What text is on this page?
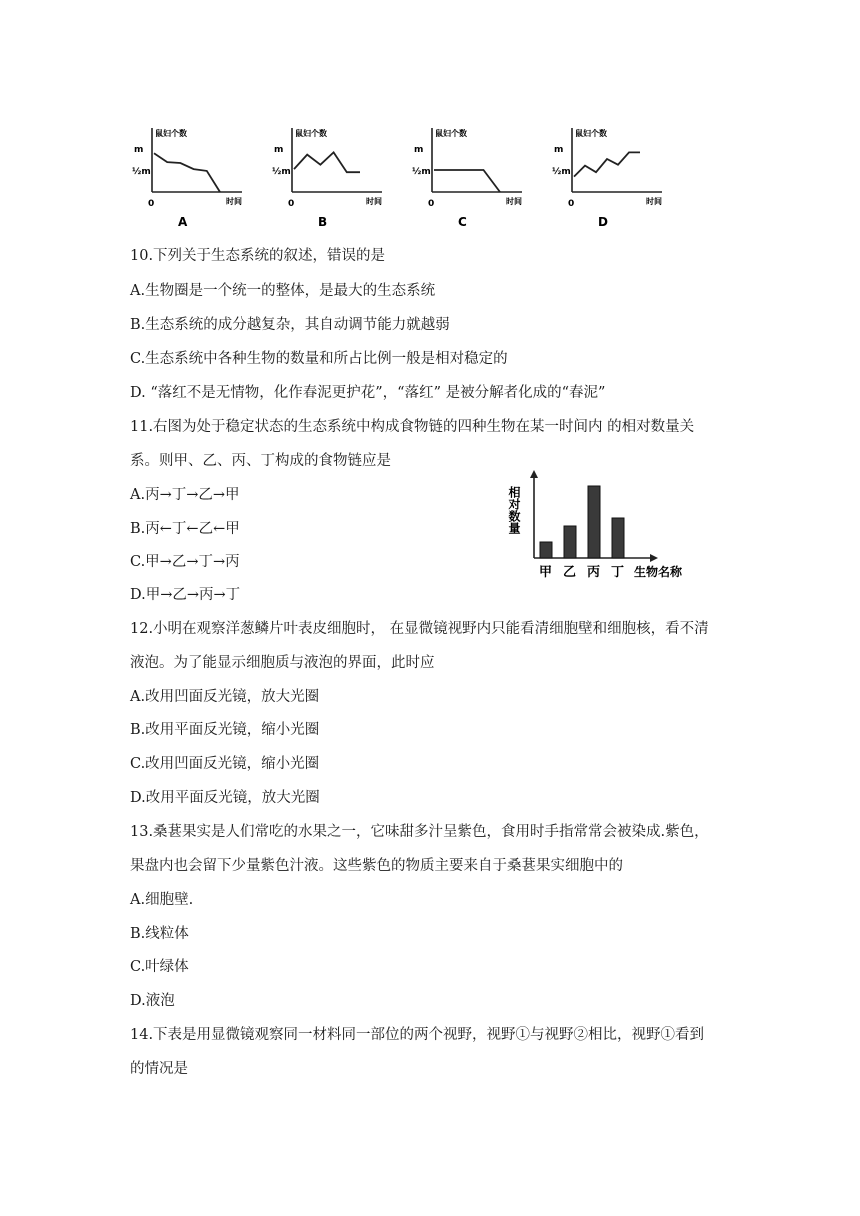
鼠妇个数
时间
0
m
½m
A
鼠妇个数
时间
0
m
½m
B
鼠妇个数
时间
0
m
½m
C
鼠妇个数
时间
0
m
½m
D
10.下列关于生态系统的叙述，错误的是
A.生物圈是一个统一的整体，是最大的生态系统
B.生态系统的成分越复杂，其自动调节能力就越弱
C.生态系统中各种生物的数量和所占比例一般是相对稳定的
D. “落红不是无情物，化作春泥更护花”，“落红” 是被分解者化成的“春泥”
11.右图为处于稳定状态的生态系统中构成食物链的四种生物在某一时间内 的相对数量关
系。则甲、乙、丙、丁构成的食物链应是
A.丙→丁→乙→甲
B.丙←丁←乙←甲
C.甲→乙→丁→丙
D.甲→乙→丙→丁
相对数量
甲 乙 丙 丁 生物名称
12.小明在观察洋葱鳞片叶表皮细胞时， 在显微镜视野内只能看清细胞壁和细胞核，看不清
液泡。为了能显示细胞质与液泡的界面，此时应
A.改用凹面反光镜，放大光圈
B.改用平面反光镜，缩小光圈
C.改用凹面反光镜，缩小光圈
D.改用平面反光镜，放大光圈
13.桑葚果实是人们常吃的水果之一，它味甜多汁呈紫色，食用时手指常常会被染成.紫色，
果盘内也会留下少量紫色汁液。这些紫色的物质主要来自于桑葚果实细胞中的
A.细胞壁.
B.线粒体
C.叶绿体
D.液泡
14.下表是用显微镜观察同一材料同一部位的两个视野，视野①与视野②相比，视野①看到
的情况是
